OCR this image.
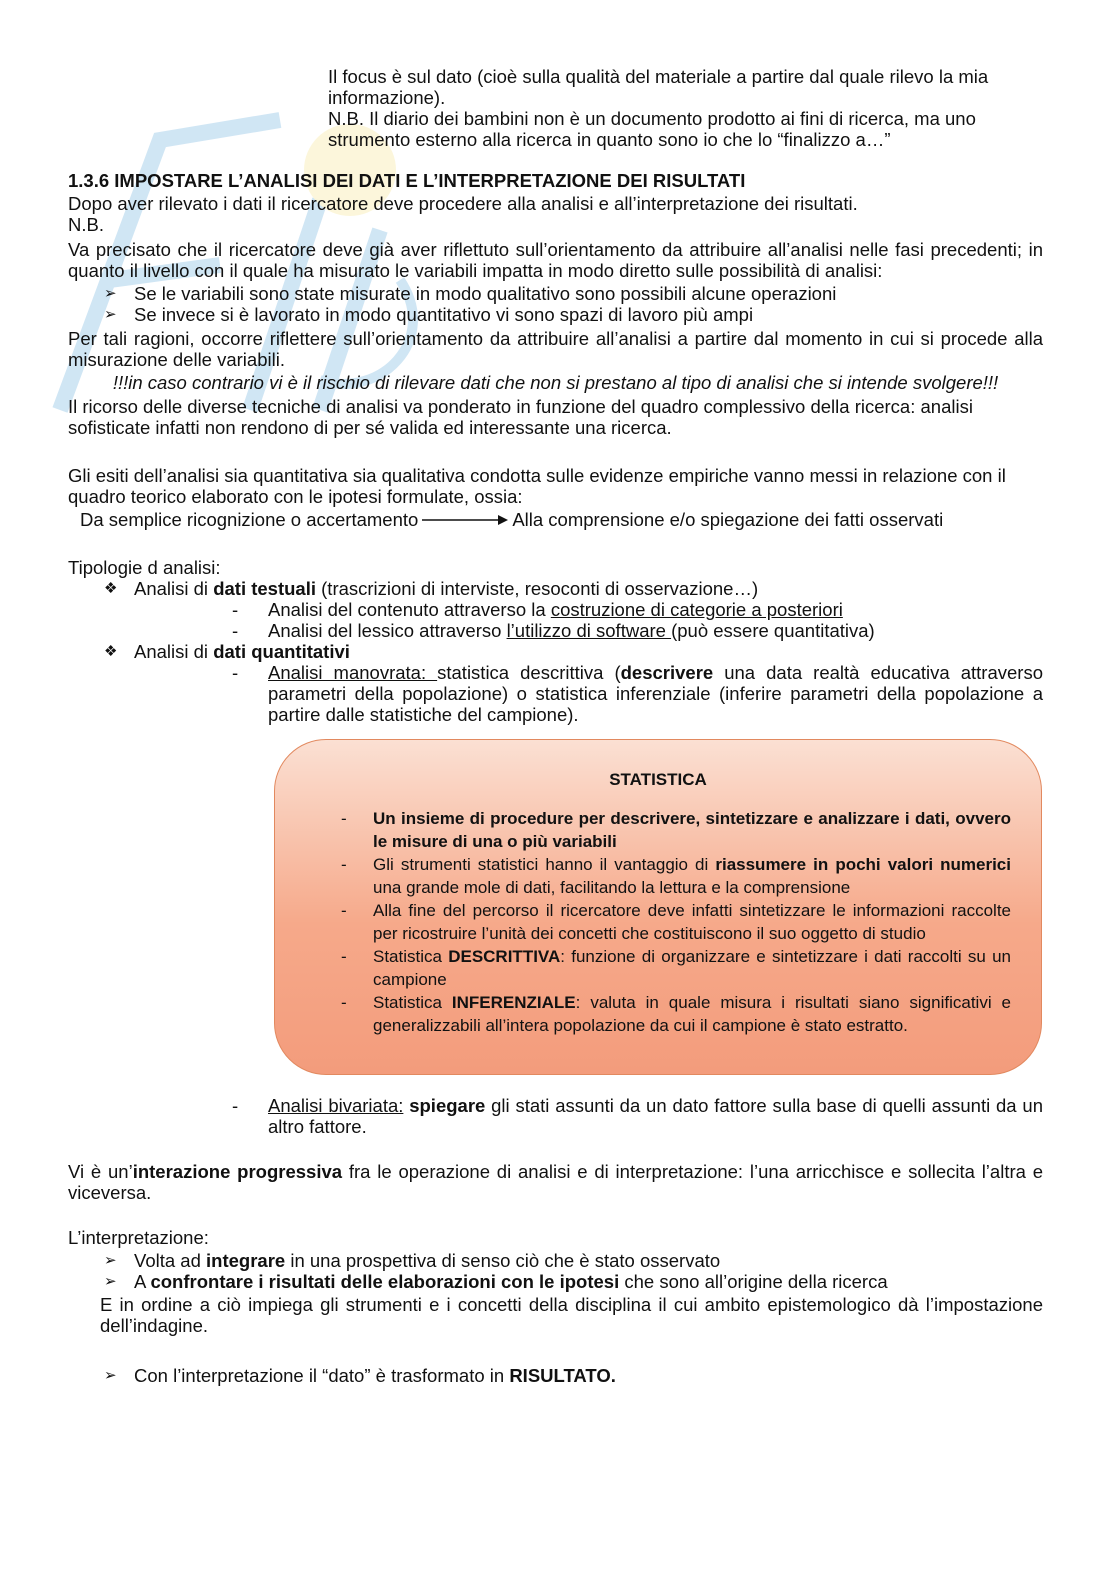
Il focus è sul dato (cioè sulla qualità del materiale a partire dal quale rilevo la mia informazione).

N.B. Il diario dei bambini non è un documento prodotto ai fini di ricerca, ma uno strumento esterno alla ricerca in quanto sono io che lo “finalizzo a…”

1.3.6 IMPOSTARE L’ANALISI DEI DATI E L’INTERPRETAZIONE DEI RISULTATI

Dopo aver rilevato i dati il ricercatore deve procedere alla analisi e all’interpretazione dei risultati.

N.B.

Va precisato che il ricercatore deve già aver riflettuto sull’orientamento da attribuire all’analisi nelle fasi precedenti; in quanto il livello con il quale ha misurato le variabili impatta in modo diretto sulle possibilità di analisi:

➢ Se le variabili sono state misurate in modo qualitativo sono possibili alcune operazioni
➢ Se invece si è lavorato in modo quantitativo vi sono spazi di lavoro più ampi

Per tali ragioni, occorre riflettere sull’orientamento da attribuire all’analisi a partire dal momento in cui si procede alla misurazione delle variabili.

!!!in caso contrario vi è il rischio di rilevare dati che non si prestano al tipo di analisi che si intende svolgere!!!

Il ricorso delle diverse tecniche di analisi va ponderato in funzione del quadro complessivo della ricerca: analisi sofisticate infatti non rendono di per sé valida ed interessante una ricerca.

Gli esiti dell’analisi sia quantitativa sia qualitativa condotta sulle evidenze empiriche vanno messi in relazione con il quadro teorico elaborato con le ipotesi formulate, ossia:

Da semplice ricognizione o accertamento	Alla comprensione e/o spiegazione dei fatti osservati

Tipologie d analisi:

❖ Analisi di dati testuali (trascrizioni di interviste, resoconti di osservazione…)
-	Analisi del contenuto attraverso la costruzione di categorie a posteriori
-	Analisi del lessico attraverso l’utilizzo di software (può essere quantitativa)
❖ Analisi di dati quantitativi
-	Analisi manovrata: statistica descrittiva (descrivere una data realtà educativa attraverso parametri della popolazione) o statistica inferenziale (inferire parametri della popolazione a partire dalle statistiche del campione).
STATISTICA
-	Un insieme di procedure per descrivere, sintetizzare e analizzare i dati, ovvero le misure di una o più variabili
-	Gli strumenti statistici hanno il vantaggio di riassumere in pochi valori numerici una grande mole di dati, facilitando la lettura e la comprensione
-	Alla fine del percorso il ricercatore deve infatti sintetizzare le informazioni raccolte per ricostruire l’unità dei concetti che costituiscono il suo oggetto di studio
-	Statistica DESCRITTIVA: funzione di organizzare e sintetizzare i dati raccolti su un campione
-	Statistica INFERENZIALE: valuta in quale misura i risultati siano significativi e generalizzabili all’intera popolazione da cui il campione è stato estratto.
-	Analisi bivariata: spiegare gli stati assunti da un dato fattore sulla base di quelli assunti da un altro fattore.

Vi è un’interazione progressiva fra le operazione di analisi e di interpretazione: l’una arricchisce e sollecita l’altra e viceversa.

L’interpretazione:

➢ Volta ad integrare in una prospettiva di senso ciò che è stato osservato
➢ A confrontare i risultati delle elaborazioni con le ipotesi che sono all’origine della ricerca

E in ordine a ciò impiega gli strumenti e i concetti della disciplina il cui ambito epistemologico dà l’impostazione dell’indagine.

➢ Con l’interpretazione il “dato” è trasformato in RISULTATO.
